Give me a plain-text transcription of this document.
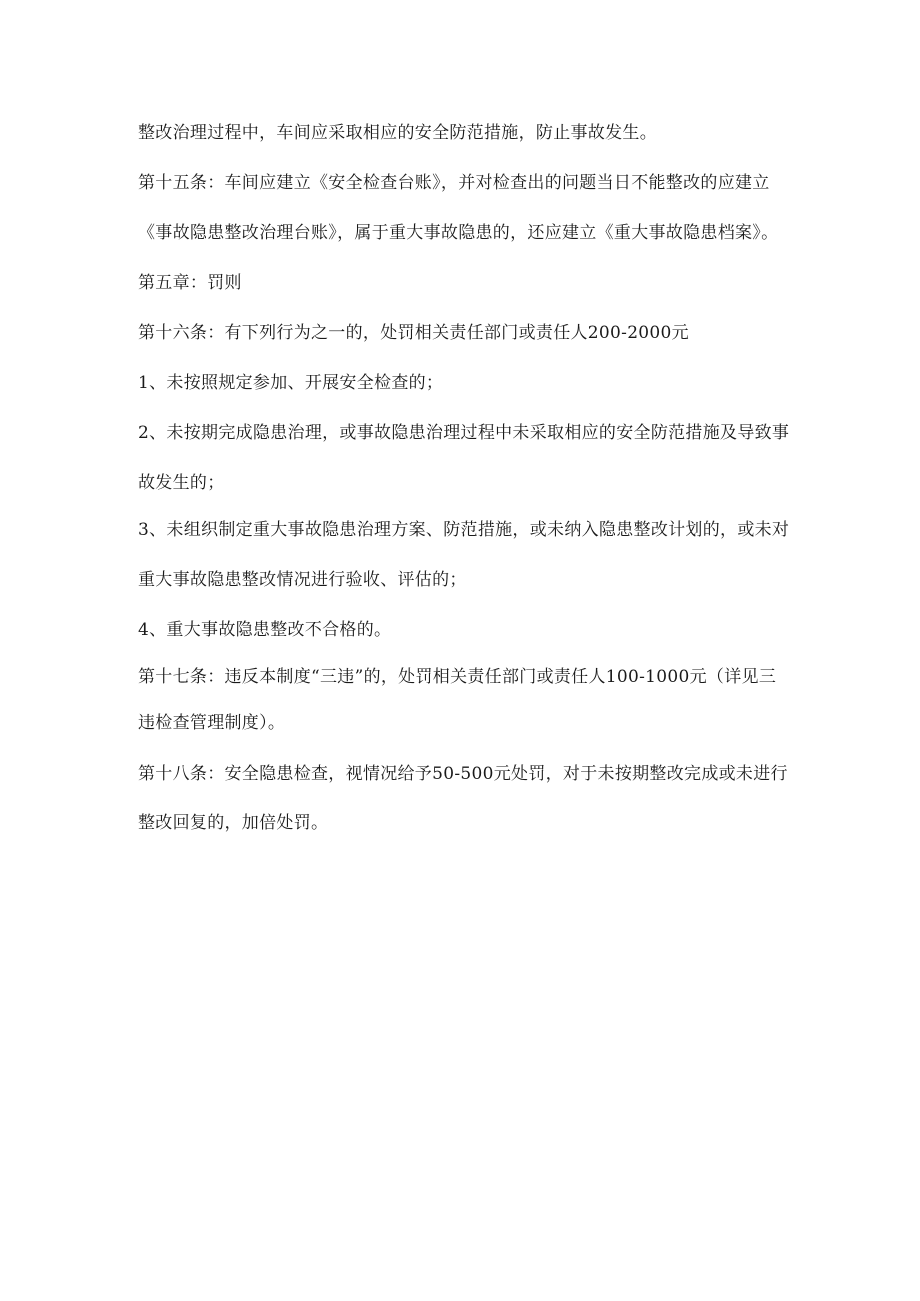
整改治理过程中，车间应采取相应的安全防范措施，防止事故发生。
第十五条：车间应建立《安全检查台账》，并对检查出的问题当日不能整改的应建立
《事故隐患整改治理台账》，属于重大事故隐患的，还应建立《重大事故隐患档案》。
第五章：罚则
第十六条：有下列行为之一的，处罚相关责任部门或责任人200-2000元
1、未按照规定参加、开展安全检查的；
2、未按期完成隐患治理，或事故隐患治理过程中未采取相应的安全防范措施及导致事
故发生的；
3、未组织制定重大事故隐患治理方案、防范措施，或未纳入隐患整改计划的，或未对
重大事故隐患整改情况进行验收、评估的；
4、重大事故隐患整改不合格的。
第十七条：违反本制度“三违”的，处罚相关责任部门或责任人100-1000元（详见三
违检查管理制度）。
第十八条：安全隐患检查，视情况给予50-500元处罚，对于未按期整改完成或未进行
整改回复的，加倍处罚。
